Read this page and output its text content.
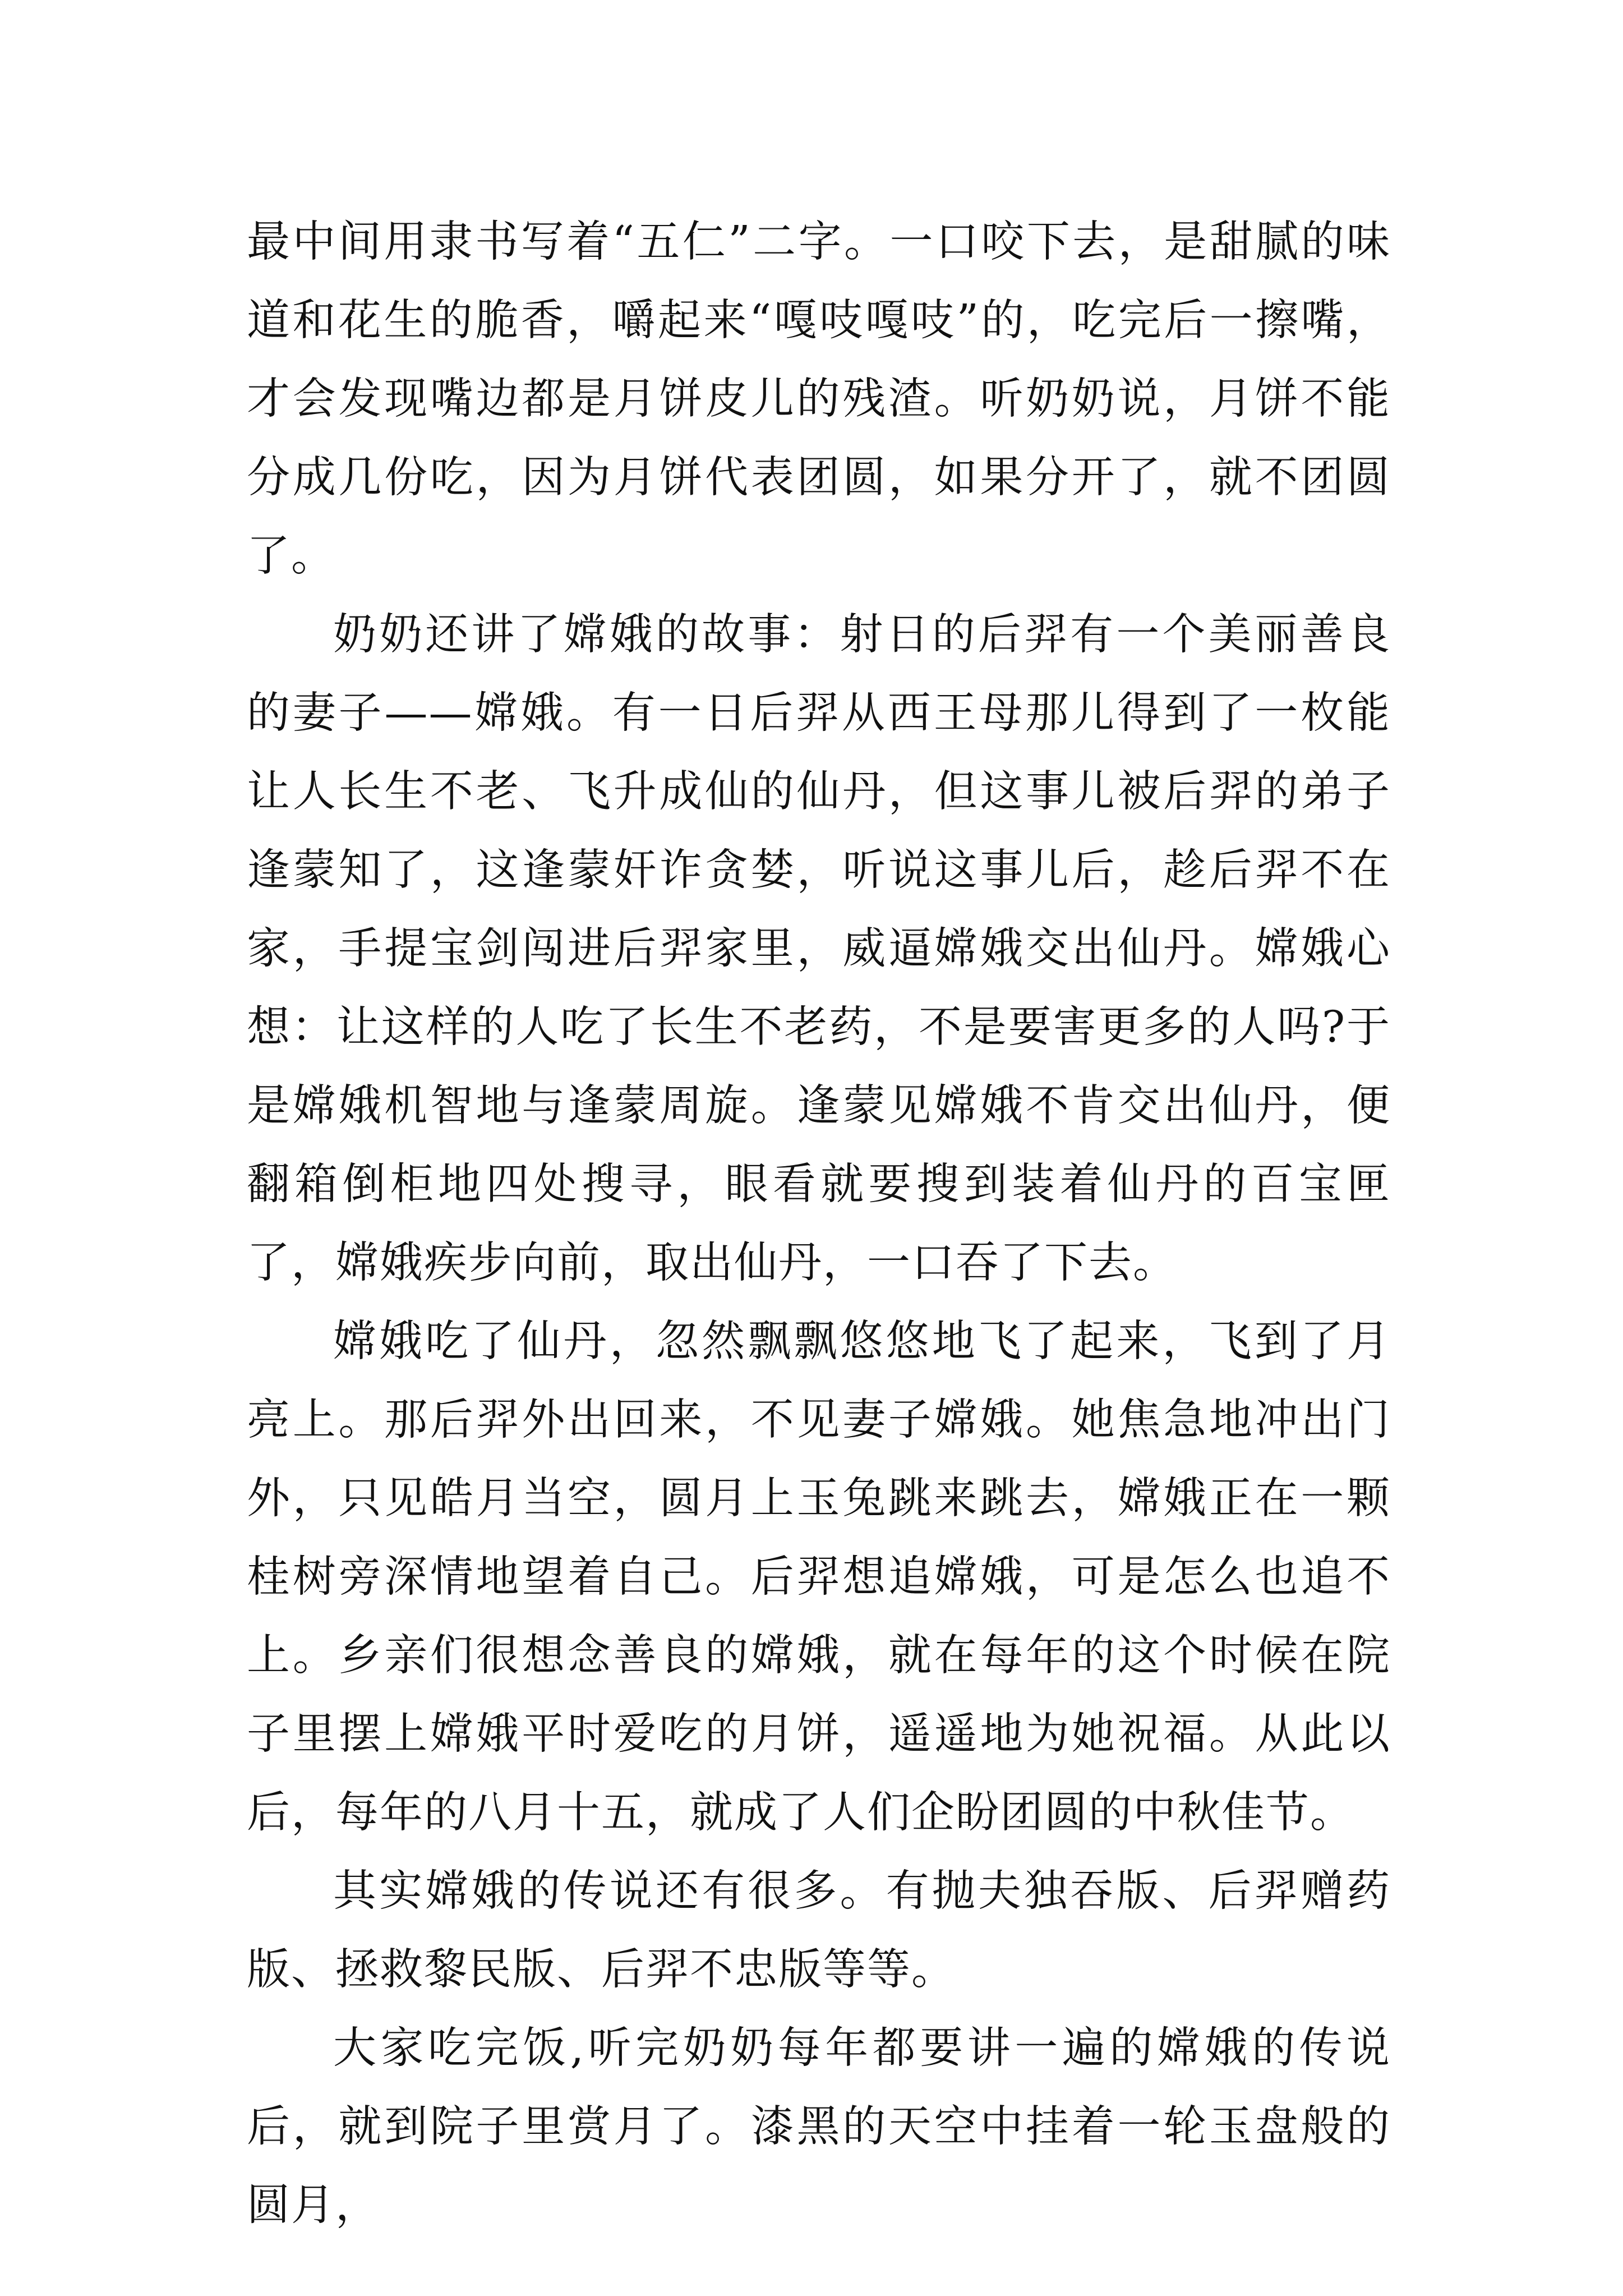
最中间用隶书写着“五仁”二字。一口咬下去，是甜腻的味道和花生的脆香，嚼起来“嘎吱嘎吱”的，吃完后一擦嘴，才会发现嘴边都是月饼皮儿的残渣。听奶奶说，月饼不能分成几份吃，因为月饼代表团圆，如果分开了，就不团圆了。

奶奶还讲了嫦娥的故事：射日的后羿有一个美丽善良的妻子——嫦娥。有一日后羿从西王母那儿得到了一枚能让人长生不老、飞升成仙的仙丹，但这事儿被后羿的弟子逢蒙知了，这逢蒙奸诈贪婪，听说这事儿后，趁后羿不在家，手提宝剑闯进后羿家里，威逼嫦娥交出仙丹。嫦娥心想：让这样的人吃了长生不老药，不是要害更多的人吗?于是嫦娥机智地与逢蒙周旋。逢蒙见嫦娥不肯交出仙丹，便翻箱倒柜地四处搜寻，眼看就要搜到装着仙丹的百宝匣了，嫦娥疾步向前，取出仙丹，一口吞了下去。

嫦娥吃了仙丹，忽然飘飘悠悠地飞了起来，飞到了月亮上。那后羿外出回来，不见妻子嫦娥。她焦急地冲出门外，只见皓月当空，圆月上玉兔跳来跳去，嫦娥正在一颗桂树旁深情地望着自己。后羿想追嫦娥，可是怎么也追不上。乡亲们很想念善良的嫦娥，就在每年的这个时候在院子里摆上嫦娥平时爱吃的月饼，遥遥地为她祝福。从此以后，每年的八月十五，就成了人们企盼团圆的中秋佳节。

其实嫦娥的传说还有很多。有抛夫独吞版、后羿赠药版、拯救黎民版、后羿不忠版等等。

大家吃完饭,听完奶奶每年都要讲一遍的嫦娥的传说后，就到院子里赏月了。漆黑的天空中挂着一轮玉盘般的圆月，
